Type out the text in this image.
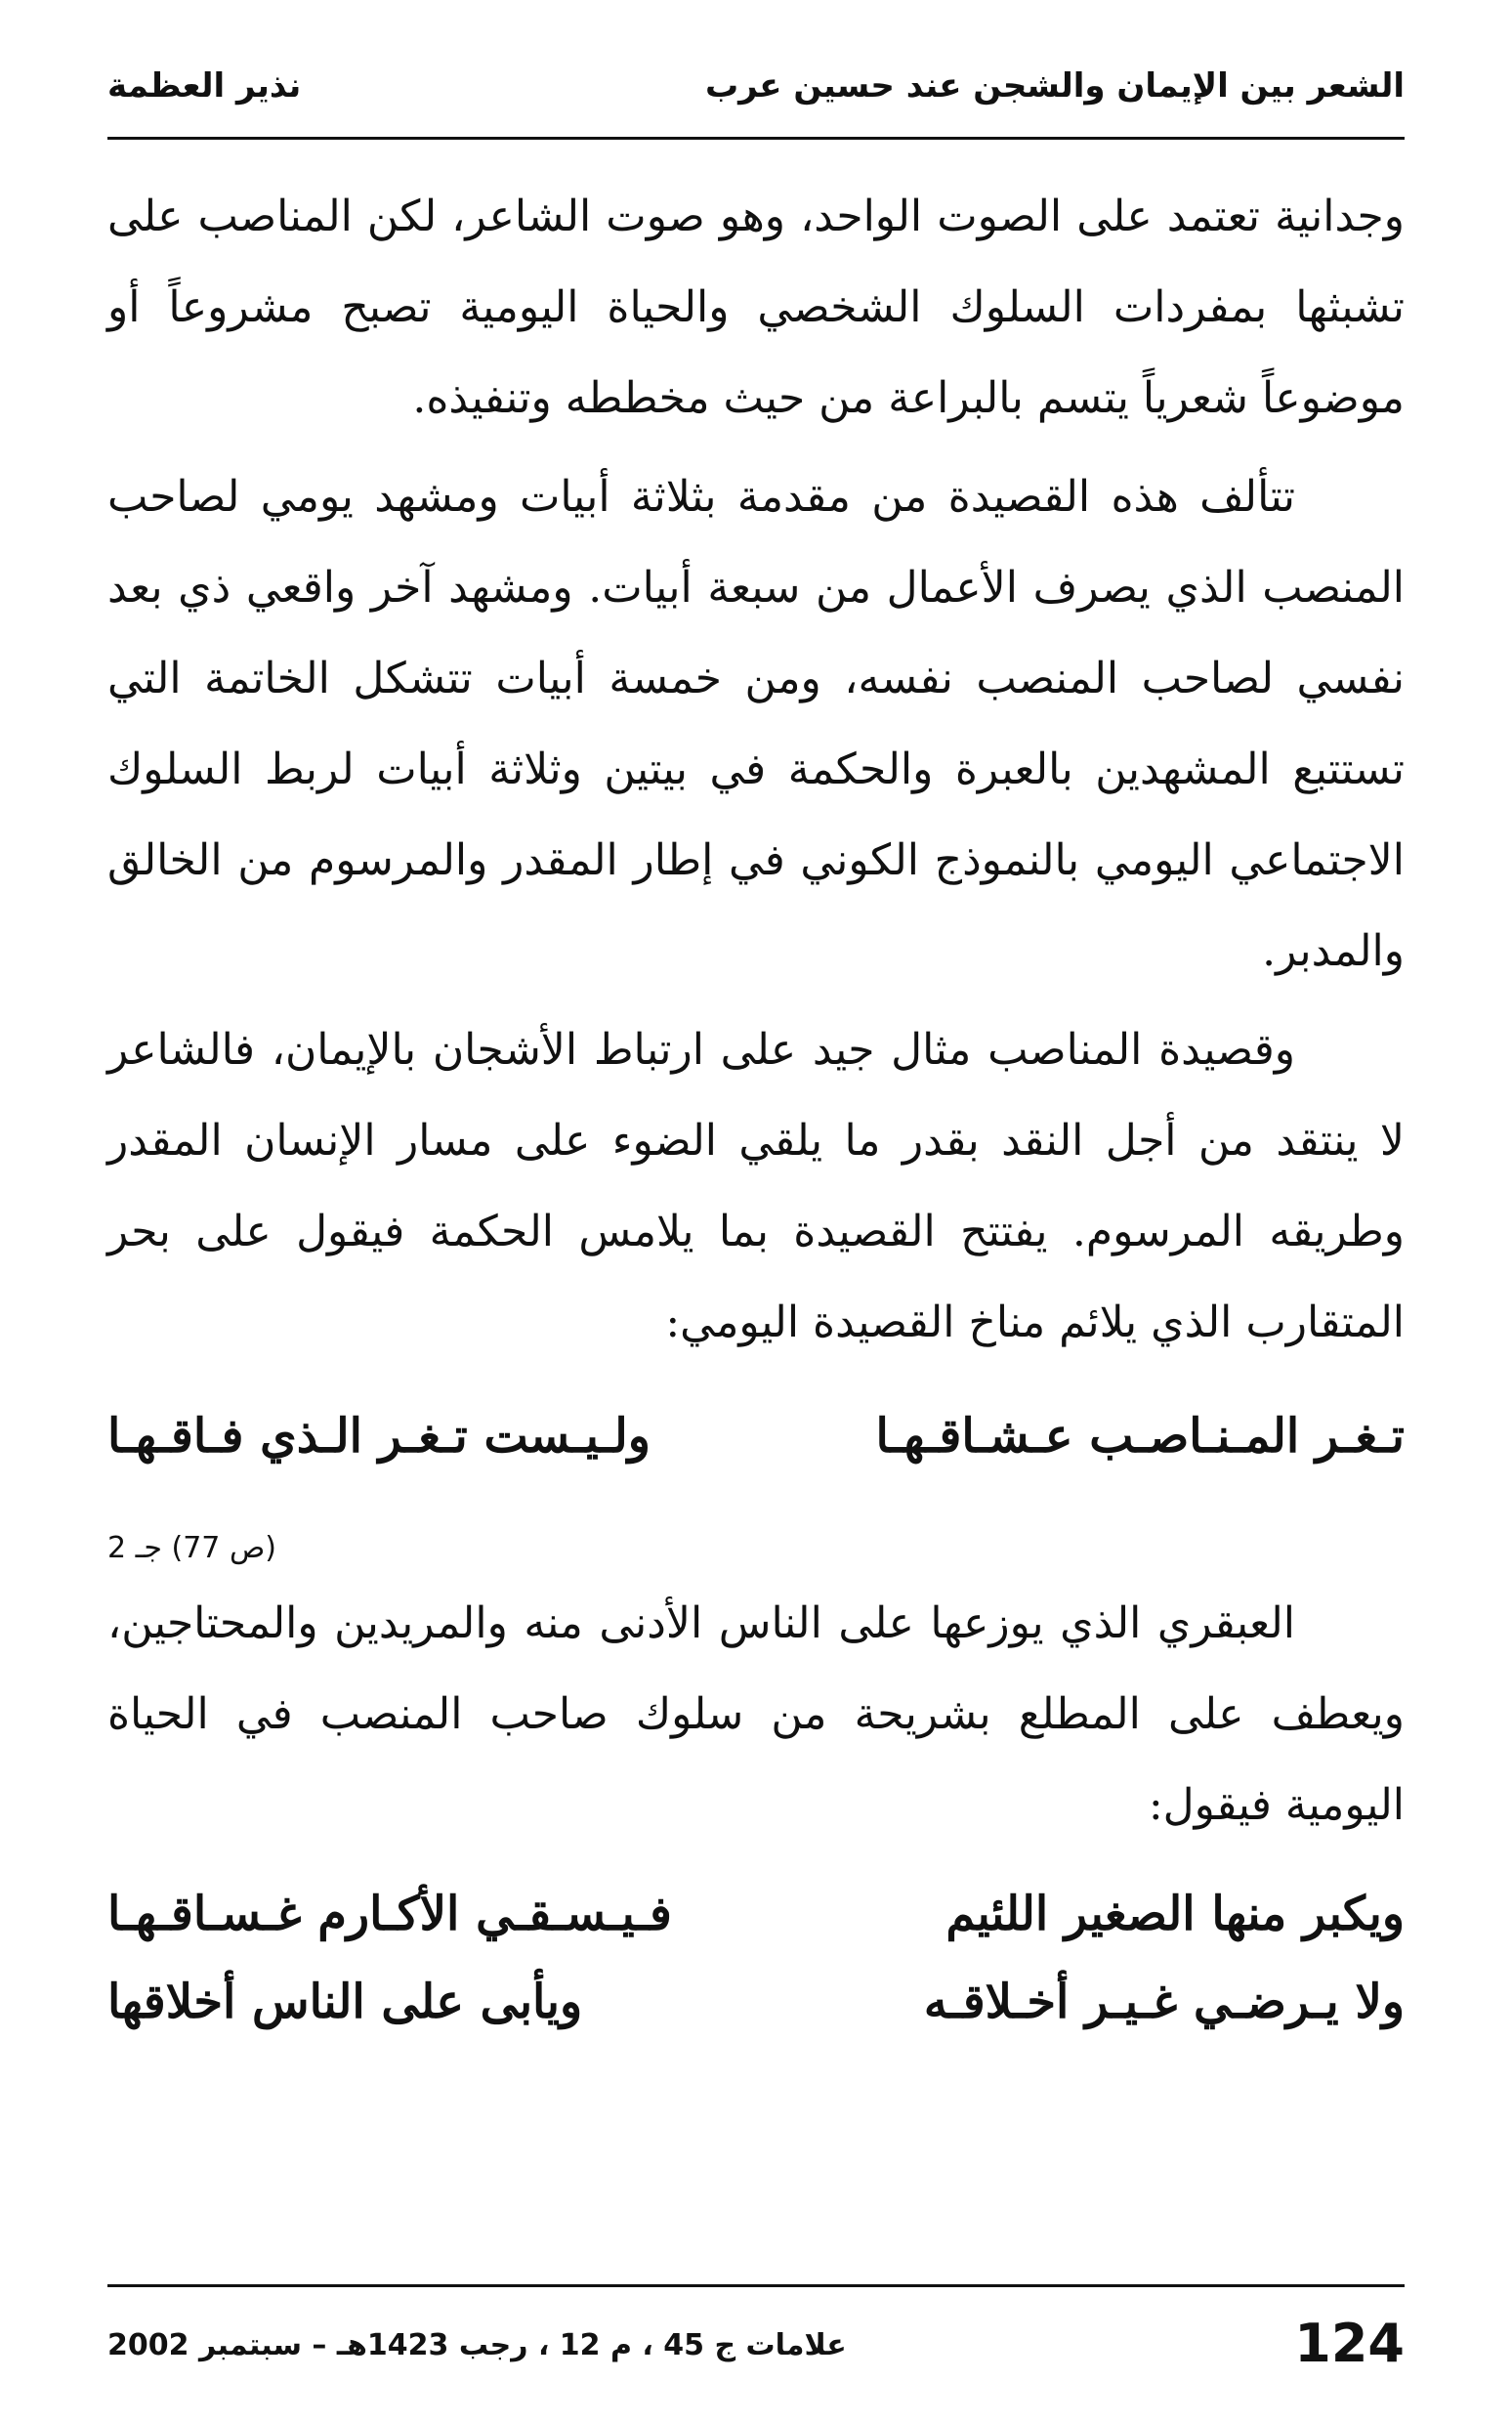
الشعر بين الإيمان والشجن عند حسين عرب
نذير العظمة

وجدانية تعتمد على الصوت الواحد، وهو صوت الشاعر، لكن المناصب على تشبثها بمفردات السلوك الشخصي والحياة اليومية تصبح مشروعاً أو موضوعاً شعرياً يتسم بالبراعة من حيث مخططه وتنفيذه.

تتألف هذه القصيدة من مقدمة بثلاثة أبيات ومشهد يومي لصاحب المنصب الذي يصرف الأعمال من سبعة أبيات. ومشهد آخر واقعي ذي بعد نفسي لصاحب المنصب نفسه، ومن خمسة أبيات تتشكل الخاتمة التي تستتبع المشهدين بالعبرة والحكمة في بيتين وثلاثة أبيات لربط السلوك الاجتماعي اليومي بالنموذج الكوني في إطار المقدر والمرسوم من الخالق والمدبر.

وقصيدة المناصب مثال جيد على ارتباط الأشجان بالإيمان، فالشاعر لا ينتقد من أجل النقد بقدر ما يلقي الضوء على مسار الإنسان المقدر وطريقه المرسوم. يفتتح القصيدة بما يلامس الحكمة فيقول على بحر المتقارب الذي يلائم مناخ القصيدة اليومي:

تـغـر المـنـاصـب عـشـاقـهـا
ولـيـست تـغـر الـذي فـاقـهـا
(ص 77) جـ 2

العبقري الذي يوزعها على الناس الأدنى منه والمريدين والمحتاجين، ويعطف على المطلع بشريحة من سلوك صاحب المنصب في الحياة اليومية فيقول:

ويكبر منها الصغير اللئيم
فـيـسـقـي الأكـارم غـسـاقـهـا
ولا يـرضـي غـيـر أخـلاقـه
ويأبى على الناس أخلاقها
124
علامات ج 45 ، م 12 ، رجب 1423هـ – سبتمبر 2002
